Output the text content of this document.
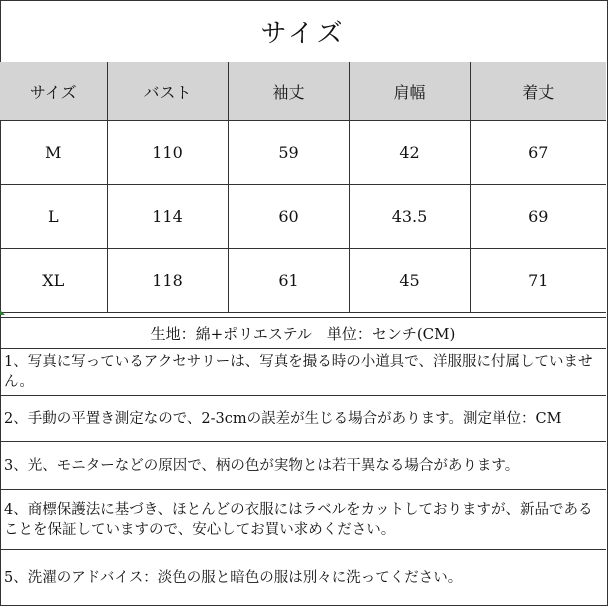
サイズ
サイズ	バスト	袖丈	肩幅	着丈
M	110	59	42	67
L	114	60	43.5	69
XL	118	61	45	71
生地：綿+ポリエステル　単位：センチ(CM)
1、写真に写っているアクセサリーは、写真を撮る時の小道具で、洋服服に付属していません。
2、手動の平置き測定なので、2-3cmの誤差が生じる場合があります。測定単位：CM
3、光、モニターなどの原因で、柄の色が実物とは若干異なる場合があります。
4、商標保護法に基づき、ほとんどの衣服にはラベルをカットしておりますが、新品であることを保証していますので、安心してお買い求めください。
5、洗濯のアドバイス：淡色の服と暗色の服は別々に洗ってください。
